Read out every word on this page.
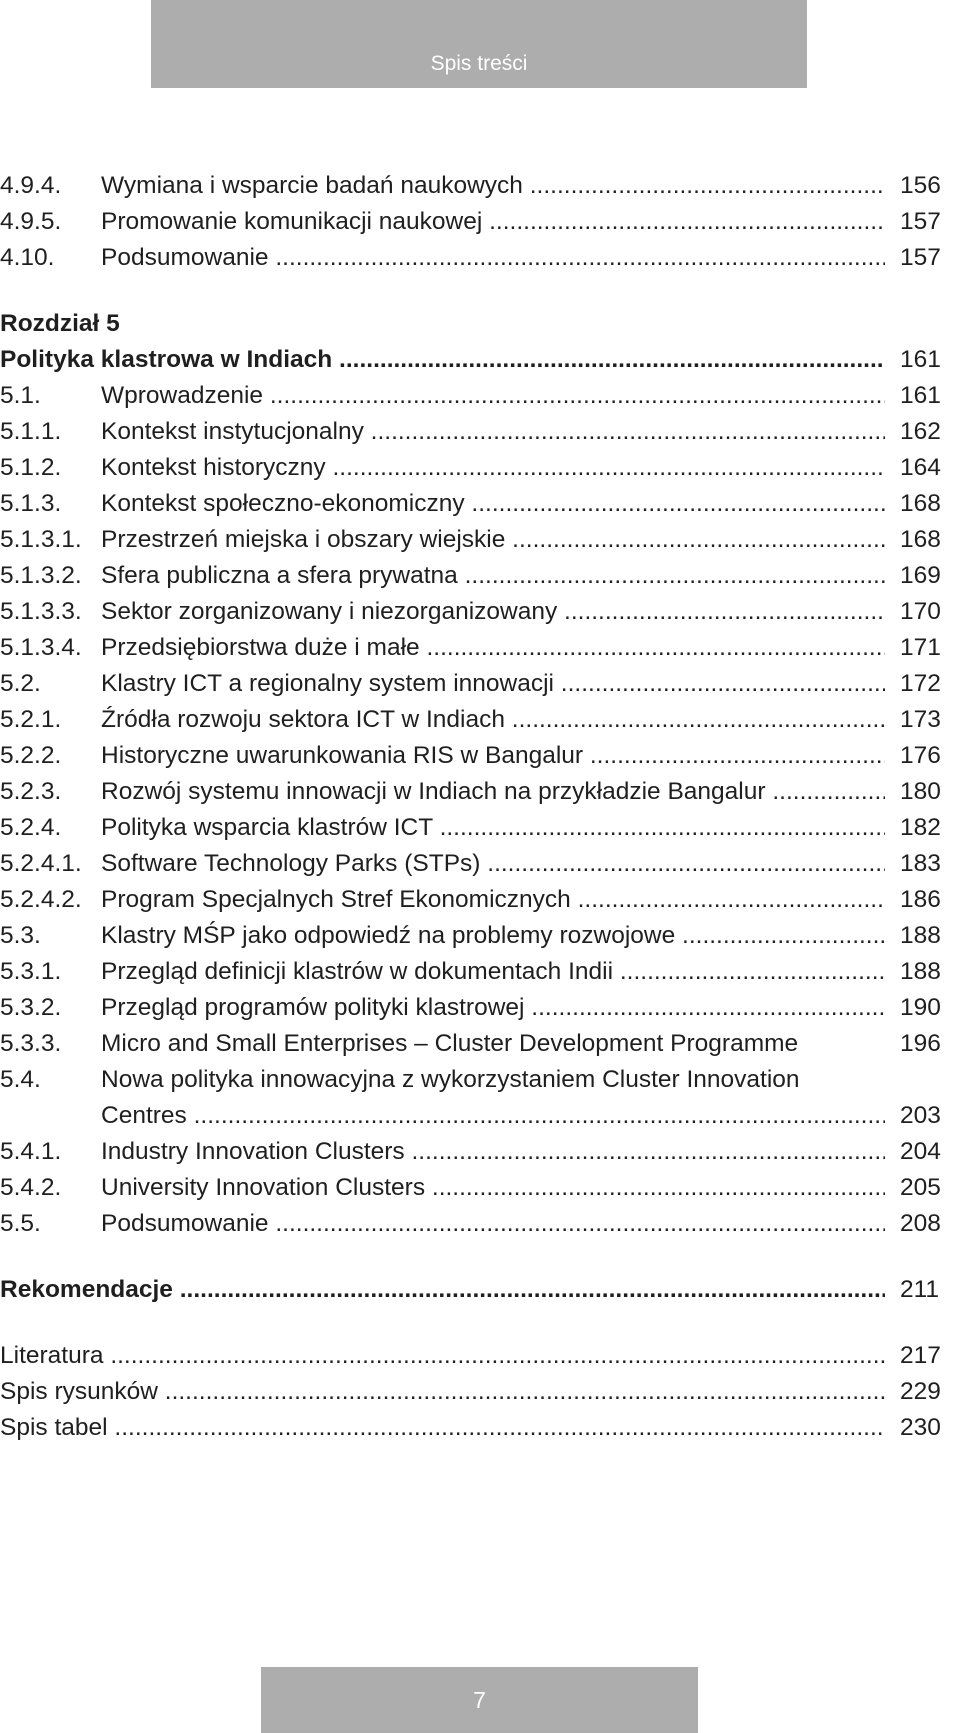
Spis treści
4.9.4. Wymiana i wsparcie badań naukowych .....	156
4.9.5. Promowanie komunikacji naukowej .....	157
4.10. Podsumowanie .....	157
Rozdział 5
Polityka klastrowa w Indiach .....	161
5.1. Wprowadzenie .....	161
5.1.1. Kontekst instytucjonalny .....	162
5.1.2. Kontekst historyczny .....	164
5.1.3. Kontekst społeczno-ekonomiczny .....	168
5.1.3.1. Przestrzeń miejska i obszary wiejskie .....	168
5.1.3.2. Sfera publiczna a sfera prywatna .....	169
5.1.3.3. Sektor zorganizowany i niezorganizowany .....	170
5.1.3.4. Przedsiębiorstwa duże i małe .....	171
5.2. Klastry ICT a regionalny system innowacji .....	172
5.2.1. Źródła rozwoju sektora ICT w Indiach .....	173
5.2.2. Historyczne uwarunkowania RIS w Bangalur .....	176
5.2.3. Rozwój systemu innowacji w Indiach na przykładzie Bangalur .....	180
5.2.4. Polityka wsparcia klastrów ICT .....	182
5.2.4.1. Software Technology Parks (STPs) .....	183
5.2.4.2. Program Specjalnych Stref Ekonomicznych .....	186
5.3. Klastry MŚP jako odpowiedź na problemy rozwojowe .....	188
5.3.1. Przegląd definicji klastrów w dokumentach Indii .....	188
5.3.2. Przegląd programów polityki klastrowej .....	190
5.3.3. Micro and Small Enterprises – Cluster Development Programme	196
5.4. Nowa polityka innowacyjna z wykorzystaniem Cluster Innovation
Centres .....	203
5.4.1. Industry Innovation Clusters .....	204
5.4.2. University Innovation Clusters .....	205
5.5. Podsumowanie .....	208
Rekomendacje .....	211
Literatura .....	217
Spis rysunków .....	229
Spis tabel .....	230
7
